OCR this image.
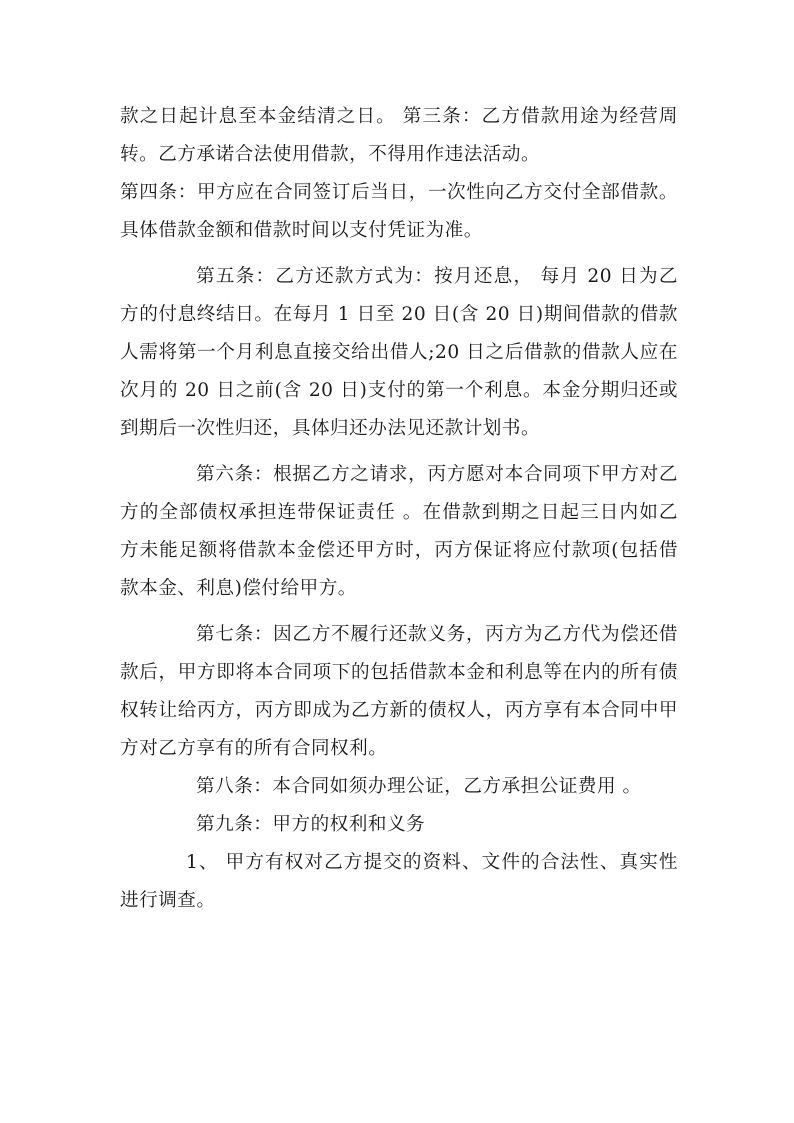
款之日起计息至本金结清之日。 第三条：乙方借款用途为经营周转。乙方承诺合法使用借款，不得用作违法活动。

第四条：甲方应在合同签订后当日，一次性向乙方交付全部借款。具体借款金额和借款时间以支付凭证为准。

第五条：乙方还款方式为：按月还息， 每月 20 日为乙方的付息终结日。在每月 1 日至 20 日(含 20 日)期间借款的借款人需将第一个月利息直接交给出借人;20 日之后借款的借款人应在次月的 20 日之前(含 20 日)支付的第一个利息。本金分期归还或到期后一次性归还，具体归还办法见还款计划书。

第六条：根据乙方之请求，丙方愿对本合同项下甲方对乙方的全部债权承担连带保证责任 。在借款到期之日起三日内如乙方未能足额将借款本金偿还甲方时，丙方保证将应付款项(包括借款本金、利息)偿付给甲方。

第七条：因乙方不履行还款义务，丙方为乙方代为偿还借款后，甲方即将本合同项下的包括借款本金和利息等在内的所有债权转让给丙方，丙方即成为乙方新的债权人，丙方享有本合同中甲方对乙方享有的所有合同权利。

第八条：本合同如须办理公证，乙方承担公证费用 。

第九条：甲方的权利和义务

1、 甲方有权对乙方提交的资料、文件的合法性、真实性进行调查。
